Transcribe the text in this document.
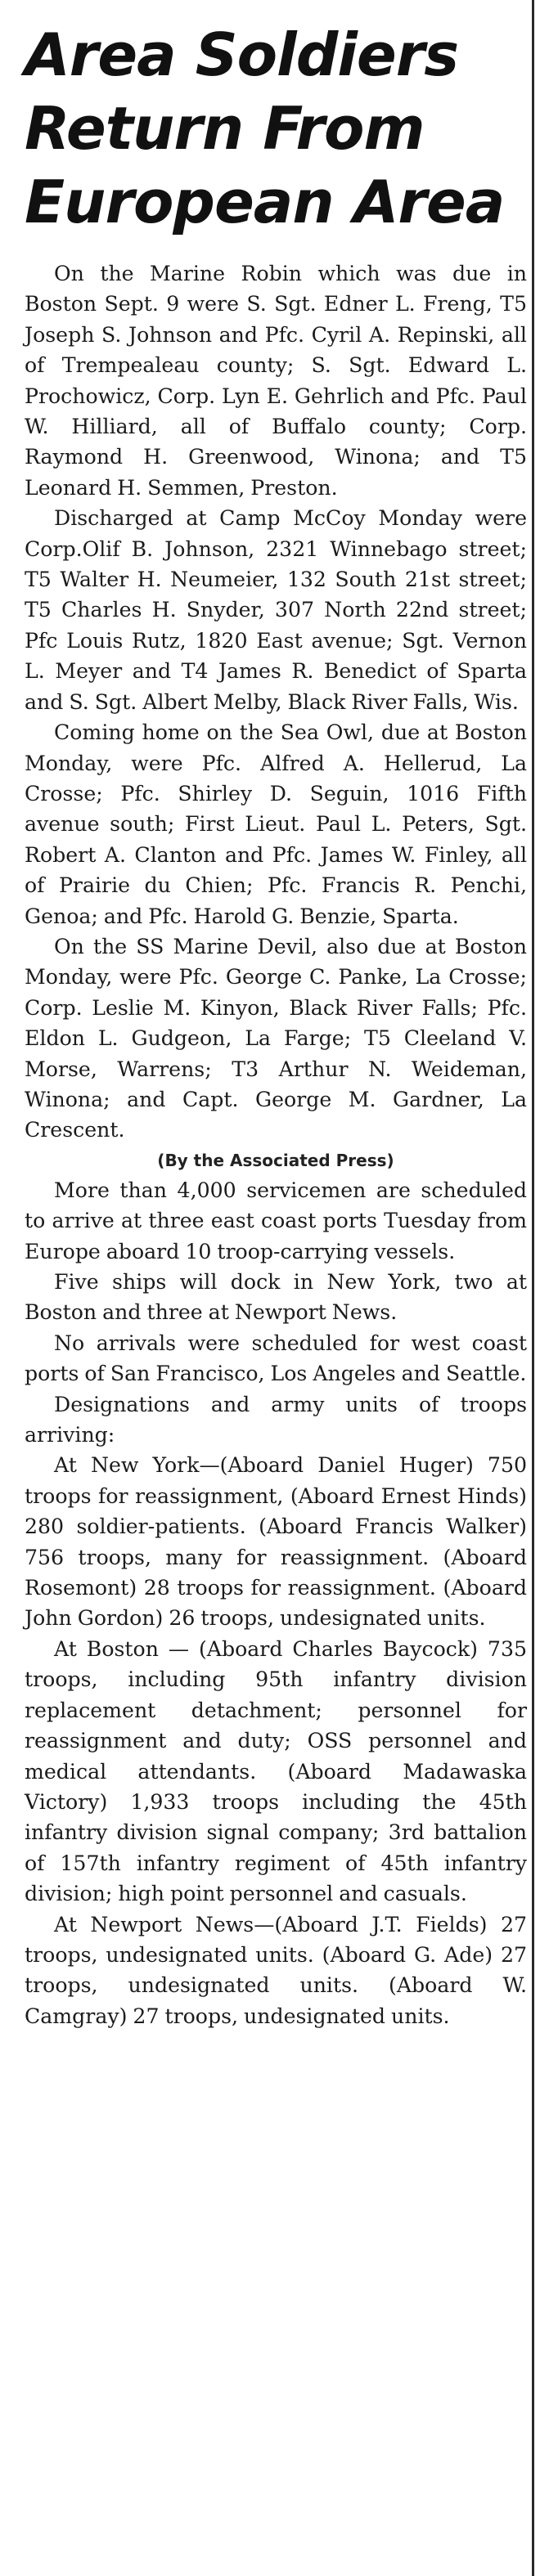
Area Soldiers
Return From
European Area

On the Marine Robin which was due in Boston Sept. 9 were S. Sgt. Edner L. Freng, T5 Joseph S. Johnson and Pfc. Cyril A. Repinski, all of Trempealeau county; S. Sgt. Edward L. Prochowicz, Corp. Lyn E. Gehrlich and Pfc. Paul W. Hilliard, all of Buffalo county; Corp. Raymond H. Greenwood, Winona; and T5 Leonard H. Semmen, Preston.

Discharged at Camp McCoy Monday were Corp.Olif B. Johnson, 2321 Winnebago street; T5 Walter H. Neumeier, 132 South 21st street; T5 Charles H. Snyder, 307 North 22nd street; Pfc Louis Rutz, 1820 East avenue; Sgt. Vernon L. Meyer and T4 James R. Benedict of Sparta and S. Sgt. Albert Melby, Black River Falls, Wis.

Coming home on the Sea Owl, due at Boston Monday, were Pfc. Alfred A. Hellerud, La Crosse; Pfc. Shirley D. Seguin, 1016 Fifth avenue south; First Lieut. Paul L. Peters, Sgt. Robert A. Clanton and Pfc. James W. Finley, all of Prairie du Chien; Pfc. Francis R. Penchi, Genoa; and Pfc. Harold G. Benzie, Sparta.

On the SS Marine Devil, also due at Boston Monday, were Pfc. George C. Panke, La Crosse; Corp. Leslie M. Kinyon, Black River Falls; Pfc. Eldon L. Gudgeon, La Farge; T5 Cleeland V. Morse, Warrens; T3 Arthur N. Weideman, Winona; and Capt. George M. Gardner, La Crescent.

(By the Associated Press)

More than 4,000 servicemen are scheduled to arrive at three east coast ports Tuesday from Europe aboard 10 troop-carrying vessels.

Five ships will dock in New York, two at Boston and three at Newport News.

No arrivals were scheduled for west coast ports of San Francisco, Los Angeles and Seattle.

Designations and army units of troops arriving:

At New York—(Aboard Daniel Huger) 750 troops for reassignment, (Aboard Ernest Hinds) 280 soldier-patients. (Aboard Francis Walker) 756 troops, many for reassignment. (Aboard Rosemont) 28 troops for reassignment. (Aboard John Gordon) 26 troops, undesignated units.

At Boston — (Aboard Charles Baycock) 735 troops, including 95th infantry division replacement detachment; personnel for reassignment and duty; OSS personnel and medical attendants. (Aboard Madawaska Victory) 1,933 troops including the 45th infantry division signal company; 3rd battalion of 157th infantry regiment of 45th infantry division; high point personnel and casuals.

At Newport News—(Aboard J.T. Fields) 27 troops, undesignated units. (Aboard G. Ade) 27 troops, undesignated units. (Aboard W. Camgray) 27 troops, undesignated units.
